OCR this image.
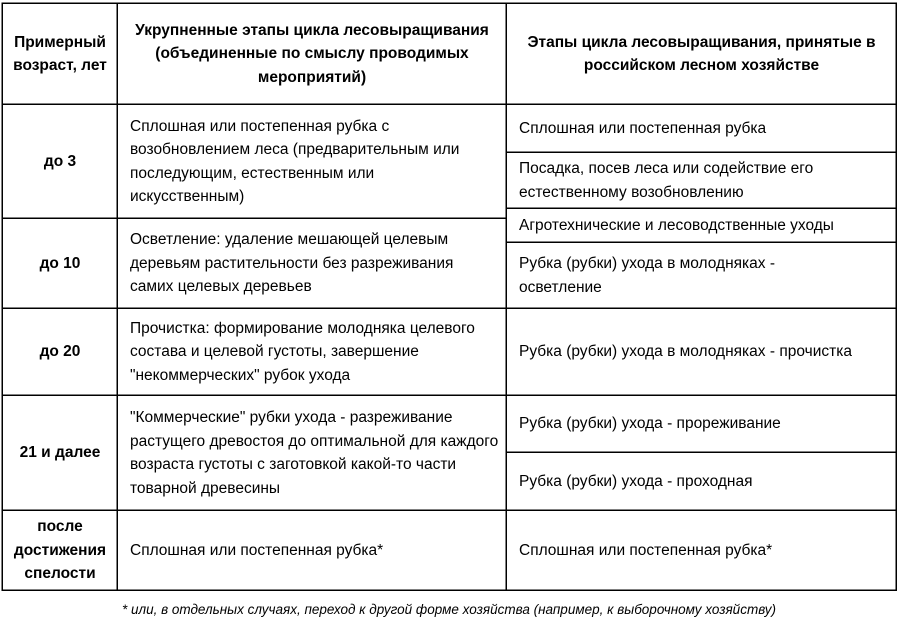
Примерный возраст, лет
Укрупненные этапы цикла лесовыращивания (объединенные по смыслу проводимых мероприятий)
Этапы цикла лесовыращивания, принятые в российском лесном хозяйстве
до 3
до 10
до 20
21 и далее
после достижения спелости
Сплошная или постепенная рубка с возобновлением леса (предварительным или последующим, естественным или искусственным)
Осветление: удаление мешающей целевым деревьям растительности без разреживания самих целевых деревьев
Прочистка: формирование молодняка целевого состава и целевой густоты, завершение "некоммерческих" рубок ухода
"Коммерческие" рубки ухода - разреживание растущего древостоя до оптимальной для каждого возраста густоты с заготовкой какой-то части товарной древесины
Сплошная или постепенная рубка*
Сплошная или постепенная рубка
Посадка, посев леса или содействие его естественному возобновлению
Агротехнические и лесоводственные уходы
Рубка (рубки) ухода в молодняках - осветление
Рубка (рубки) ухода в молодняках - прочистка
Рубка (рубки) ухода - прореживание
Рубка (рубки) ухода - проходная
Сплошная или постепенная рубка*
* или, в отдельных случаях, переход к другой форме хозяйства (например, к выборочному хозяйству)
